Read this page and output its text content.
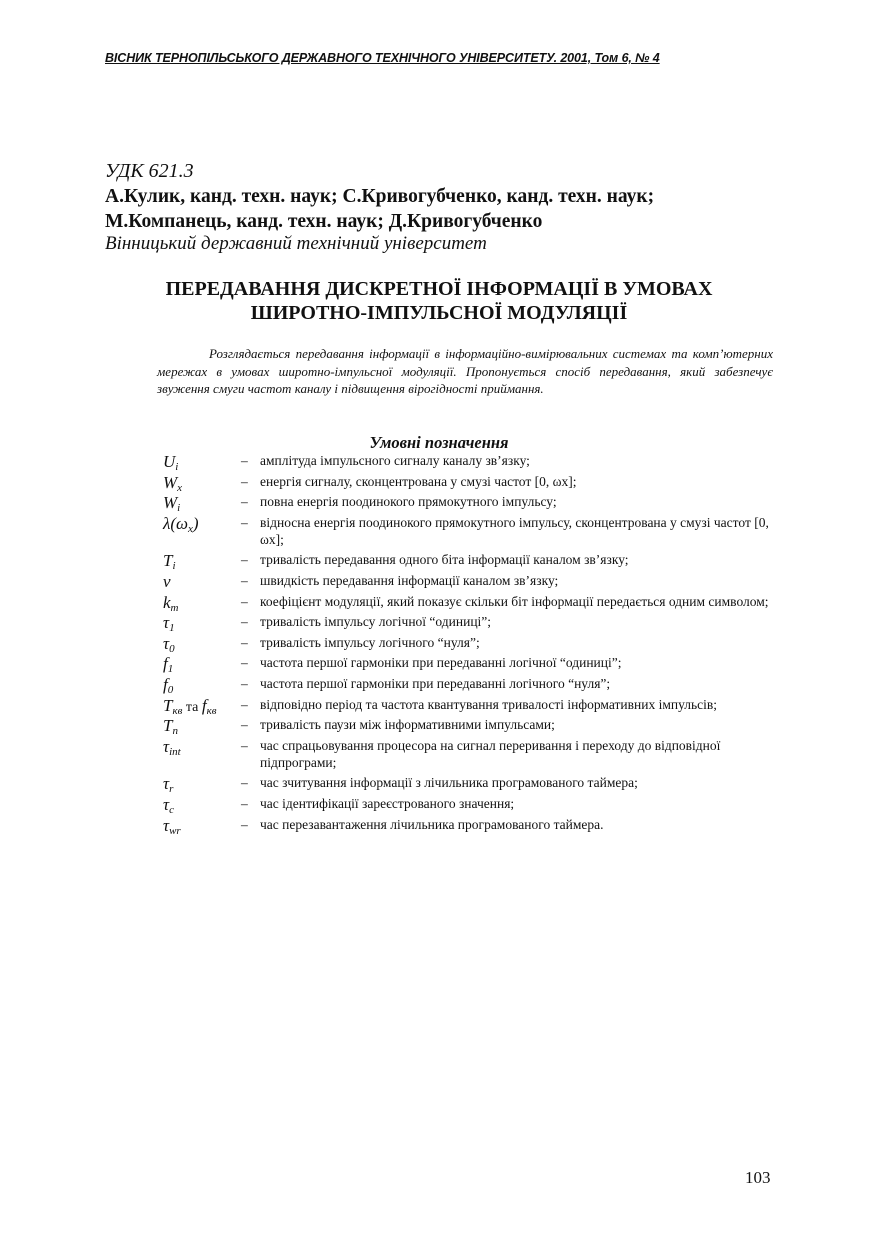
ВІСНИК ТЕРНОПІЛЬСЬКОГО ДЕРЖАВНОГО ТЕХНІЧНОГО УНІВЕРСИТЕТУ. 2001, Том 6, № 4
УДК 621.3
А.Кулик, канд. техн. наук; С.Кривогубченко, канд. техн. наук;
М.Компанець, канд. техн. наук; Д.Кривогубченко
Вінницький державний технічний університет
ПЕРЕДАВАННЯ ДИСКРЕТНОЇ ІНФОРМАЦІЇ В УМОВАХ
ШИРОТНО-ІМПУЛЬСНОЇ МОДУЛЯЦІЇ
Розглядається передавання інформації в інформаційно-вимірювальних системах та комп’ютерних мережах в умовах широтно-імпульсної модуляції. Пропонується спосіб передавання, який забезпечує звуження смуги частот каналу і підвищення вірогідності приймання.
Умовні позначення
$U_i$	– амплітуда імпульсного сигналу каналу зв’язку;
$W_x$	– енергія сигналу, сконцентрована у смузі частот [0, ωx];
$W_i$	– повна енергія поодинокого прямокутного імпульсу;
$\lambda(\omega_x)$	– відносна енергія поодинокого прямокутного імпульсу, сконцентрована у смузі частот [0, ωx];
$T_i$	– тривалість передавання одного біта інформації каналом зв’язку;
v	– швидкість передавання інформації каналом зв’язку;
$k_m$	– коефіцієнт модуляції, який показує скільки біт інформації передається одним символом;
$\tau_1$	– тривалість імпульсу логічної “одиниці”;
$\tau_0$	– тривалість імпульсу логічного “нуля”;
$f_1$	– частота першої гармоніки при передаванні логічної “одиниці”;
$f_0$	– частота першої гармоніки при передаванні логічного “нуля”;
$T_{кв}$ та $f_{кв}$ – відповідно період та частота квантування тривалості інформативних імпульсів;
$T_n$	– тривалість паузи між інформативними імпульсами;
$\tau_{int}$	– час спрацьовування процесора на сигнал переривання і переходу до відповідної підпрограми;
$\tau_r$	– час зчитування інформації з лічильника програмованого таймера;
$\tau_c$	– час ідентифікації зареєстрованого значення;
$\tau_{wr}$	– час перезавантаження лічильника програмованого таймера.
103
